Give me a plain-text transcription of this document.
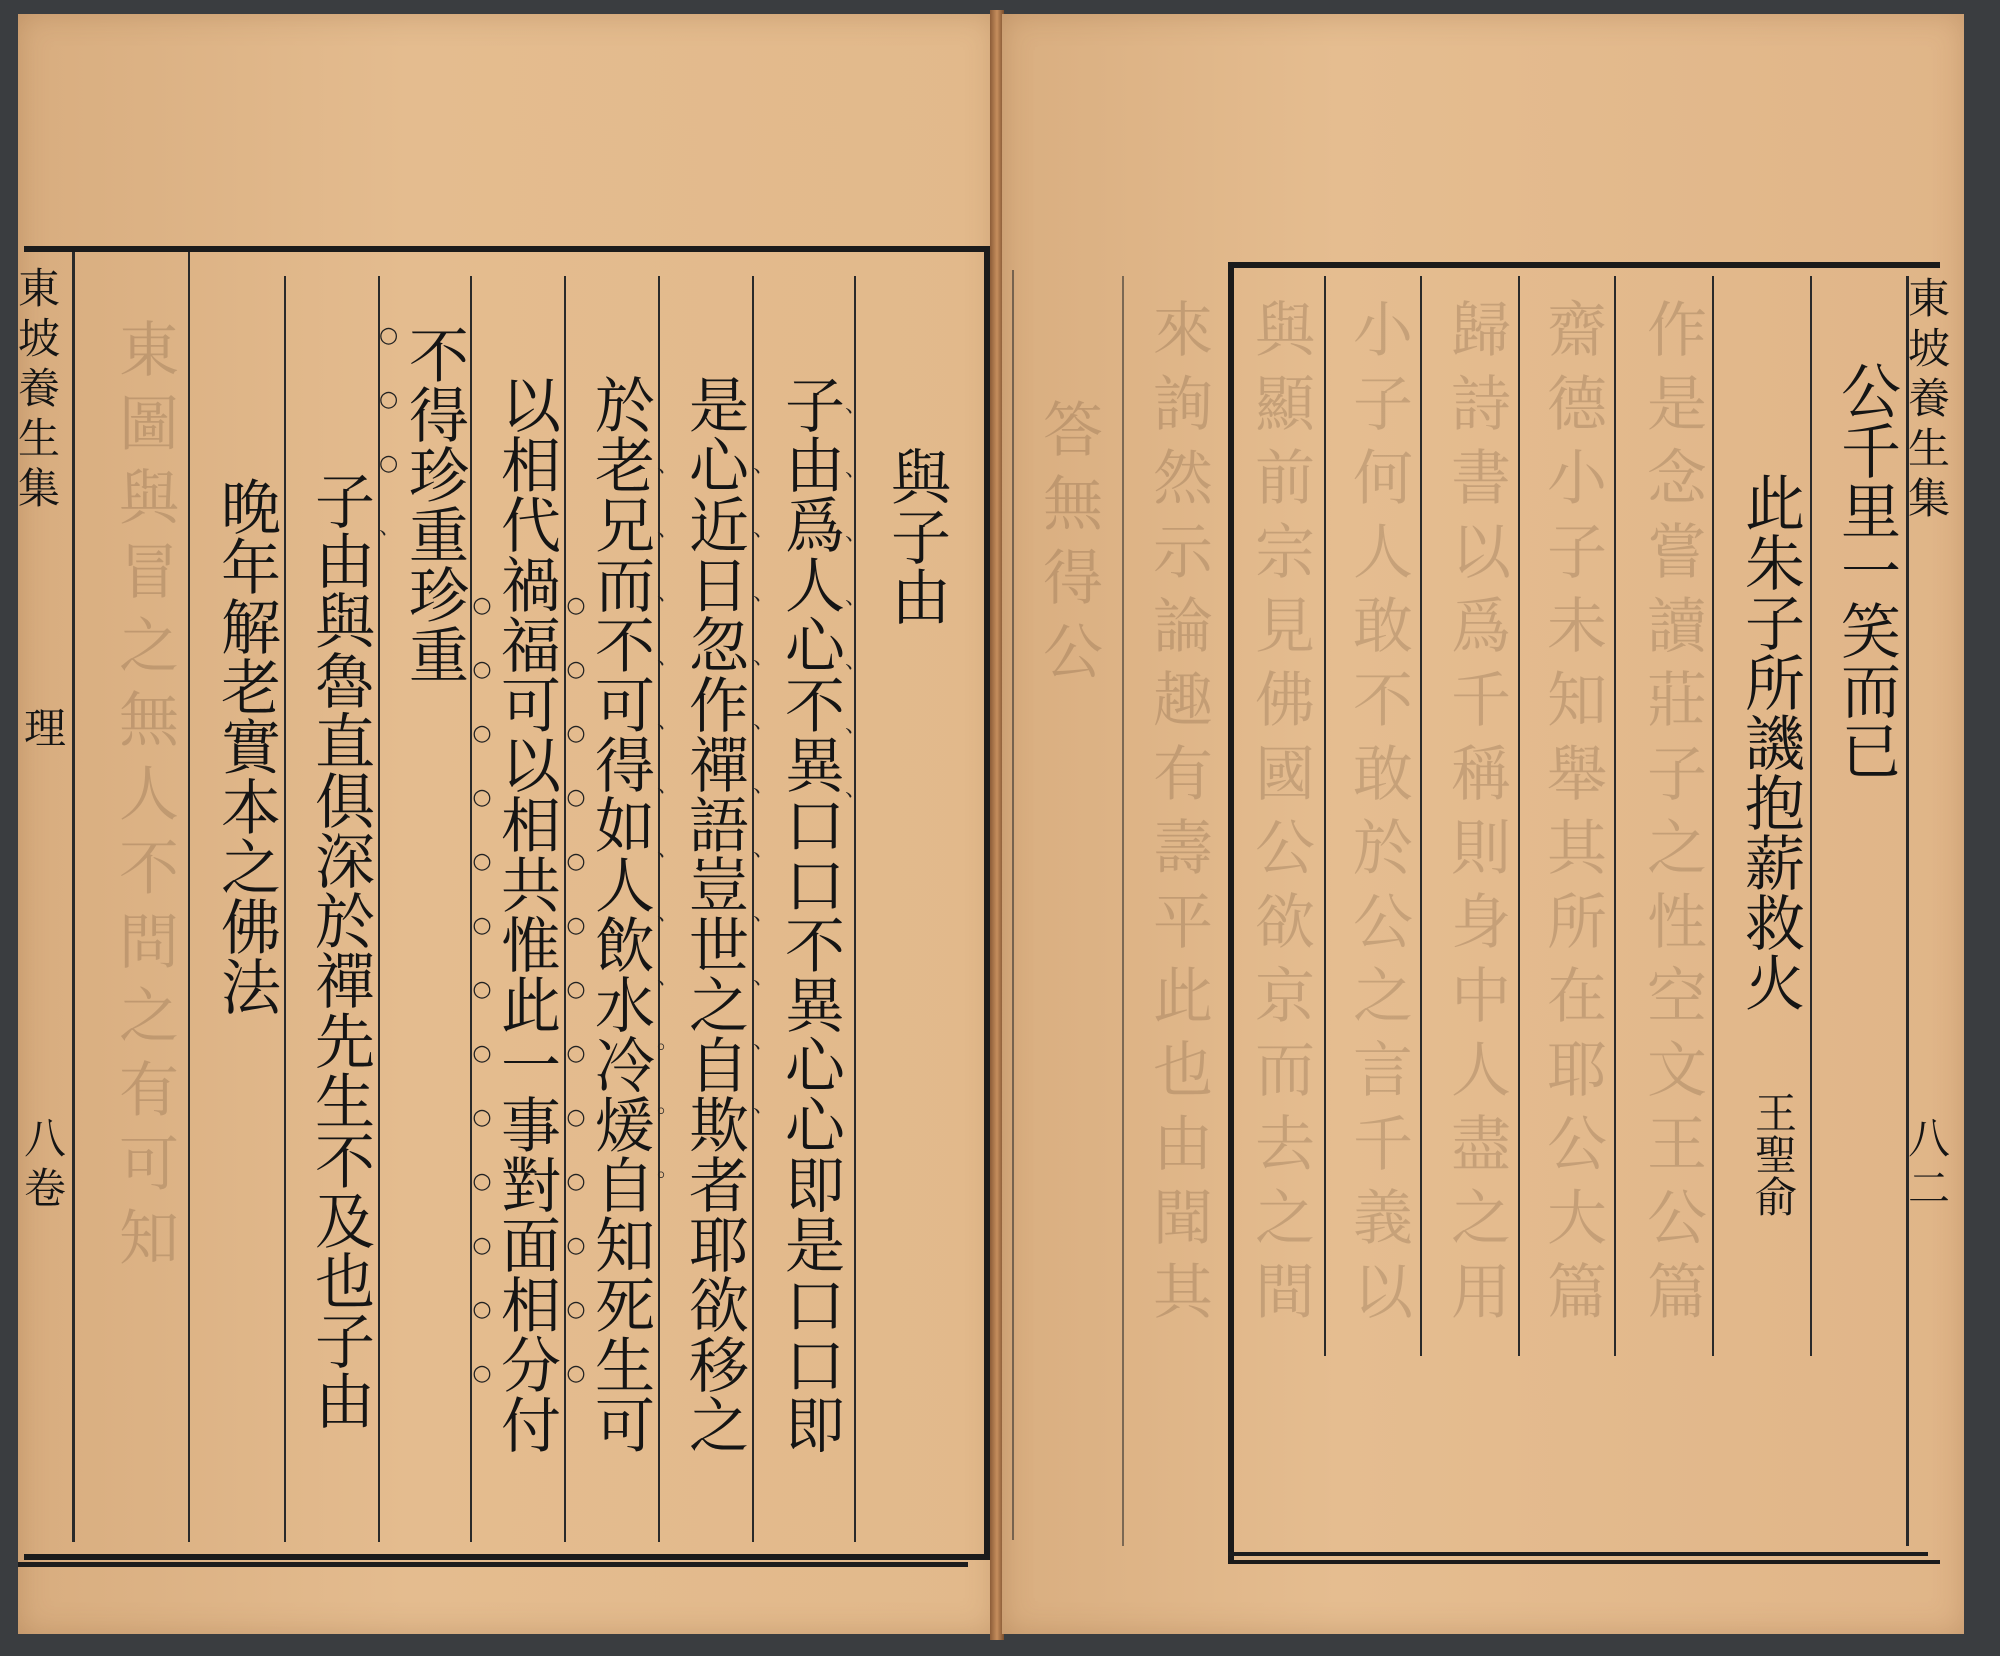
東坡養生集
理
八
卷
與子由
子由爲人心不異口口不異心心即是口口即
是心近日忽作禪語豈世之自欺者耶欲移之
於老兄而不可得如人飲水冷煖自知死生可
以相代禍福可以相共惟此一事對面相分付
不得珍重珍重
子由與魯直俱深於禪先生不及也子由
晚年解老實本之佛法
、
、
、
、
、
、
、
、
、
、
、
、
、
、
、
、
、
、
、
、
、
、
、
、
、
、
、
。
。
。
○
○
○
○
○
○
○
○
○
○
○
○
○
○
○
○
○
○
○
○
○
○
○
○
○
○
○
○
○
、
東
圖
與
冒
之
無
人
不
問
之
有
可
知
公千里一笑而已
此朱子所譏抱薪救火
王聖俞
東坡養生集
八二
作
是
念
嘗
讀
莊
子
之
性
空
文
王
公
篇
齋
德
小
子
未
知
舉
其
所
在
耶
公
大
篇
歸
詩
書
以
爲
千
稱
則
身
中
人
盡
之
用
小
子
何
人
敢
不
敢
於
公
之
言
千
義
以
與
顯
前
宗
見
佛
國
公
欲
京
而
去
之
間
來
詢
然
示
論
趣
有
壽
平
此
也
由
聞
其
答
無
得
公
